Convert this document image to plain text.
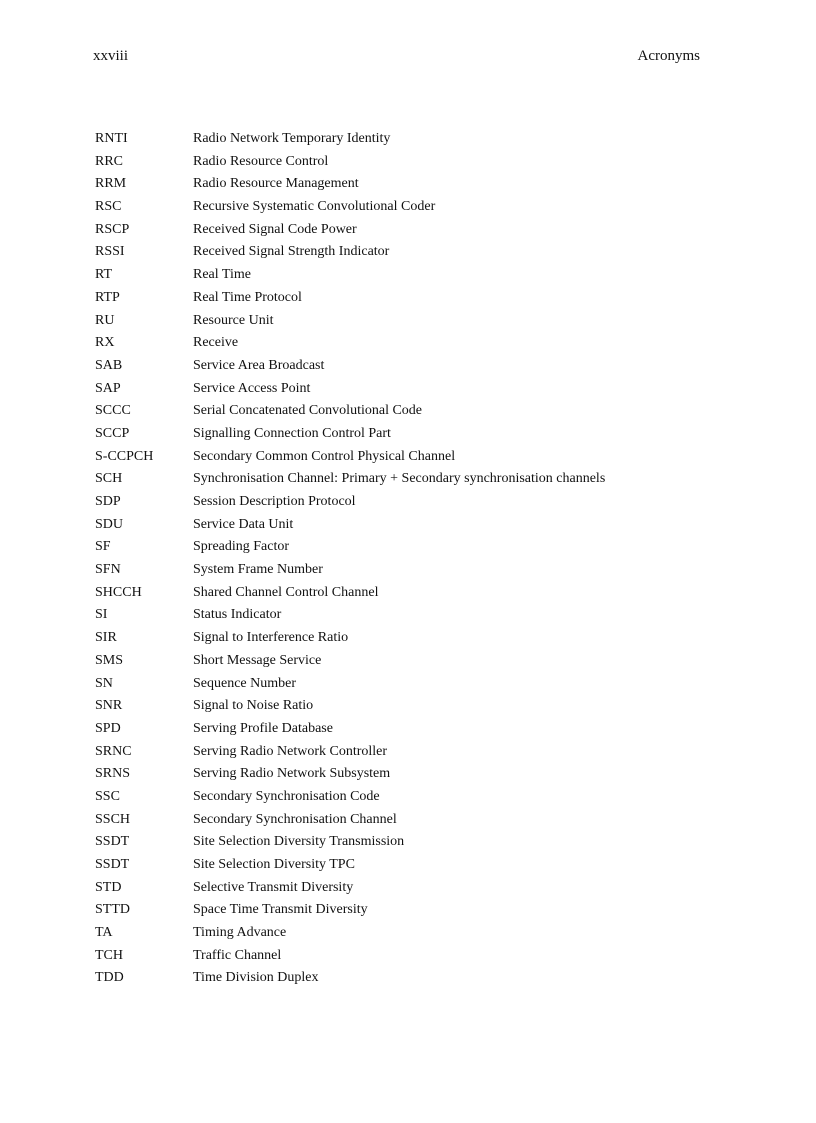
xxviii	Acronyms
RNTI	Radio Network Temporary Identity
RRC	Radio Resource Control
RRM	Radio Resource Management
RSC	Recursive Systematic Convolutional Coder
RSCP	Received Signal Code Power
RSSI	Received Signal Strength Indicator
RT	Real Time
RTP	Real Time Protocol
RU	Resource Unit
RX	Receive
SAB	Service Area Broadcast
SAP	Service Access Point
SCCC	Serial Concatenated Convolutional Code
SCCP	Signalling Connection Control Part
S-CCPCH	Secondary Common Control Physical Channel
SCH	Synchronisation Channel: Primary + Secondary synchronisation channels
SDP	Session Description Protocol
SDU	Service Data Unit
SF	Spreading Factor
SFN	System Frame Number
SHCCH	Shared Channel Control Channel
SI	Status Indicator
SIR	Signal to Interference Ratio
SMS	Short Message Service
SN	Sequence Number
SNR	Signal to Noise Ratio
SPD	Serving Profile Database
SRNC	Serving Radio Network Controller
SRNS	Serving Radio Network Subsystem
SSC	Secondary Synchronisation Code
SSCH	Secondary Synchronisation Channel
SSDT	Site Selection Diversity Transmission
SSDT	Site Selection Diversity TPC
STD	Selective Transmit Diversity
STTD	Space Time Transmit Diversity
TA	Timing Advance
TCH	Traffic Channel
TDD	Time Division Duplex
